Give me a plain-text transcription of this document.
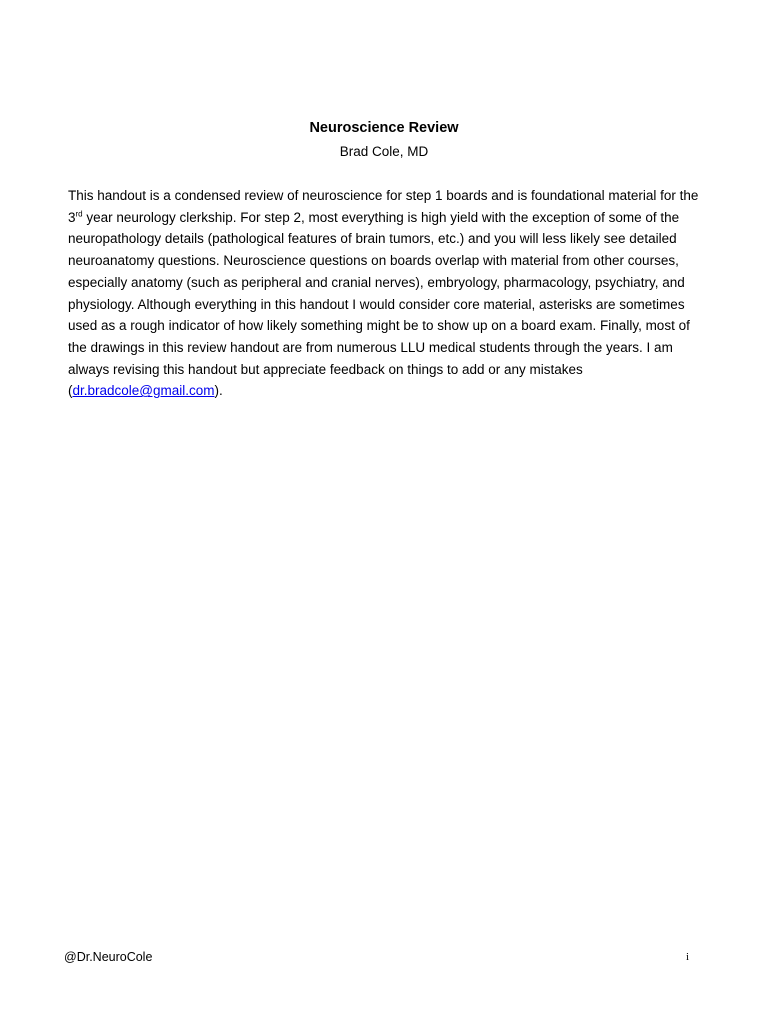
Neuroscience Review
Brad Cole, MD

This handout is a condensed review of neuroscience for step 1 boards and is foundational material for the 3rd year neurology clerkship. For step 2, most everything is high yield with the exception of some of the neuropathology details (pathological features of brain tumors, etc.) and you will less likely see detailed neuroanatomy questions. Neuroscience questions on boards overlap with material from other courses, especially anatomy (such as peripheral and cranial nerves), embryology, pharmacology, psychiatry, and physiology. Although everything in this handout I would consider core material, asterisks are sometimes used as a rough indicator of how likely something might be to show up on a board exam. Finally, most of the drawings in this review handout are from numerous LLU medical students through the years. I am always revising this handout but appreciate feedback on things to add or any mistakes (dr.bradcole@gmail.com).

@Dr.NeuroCole	i
